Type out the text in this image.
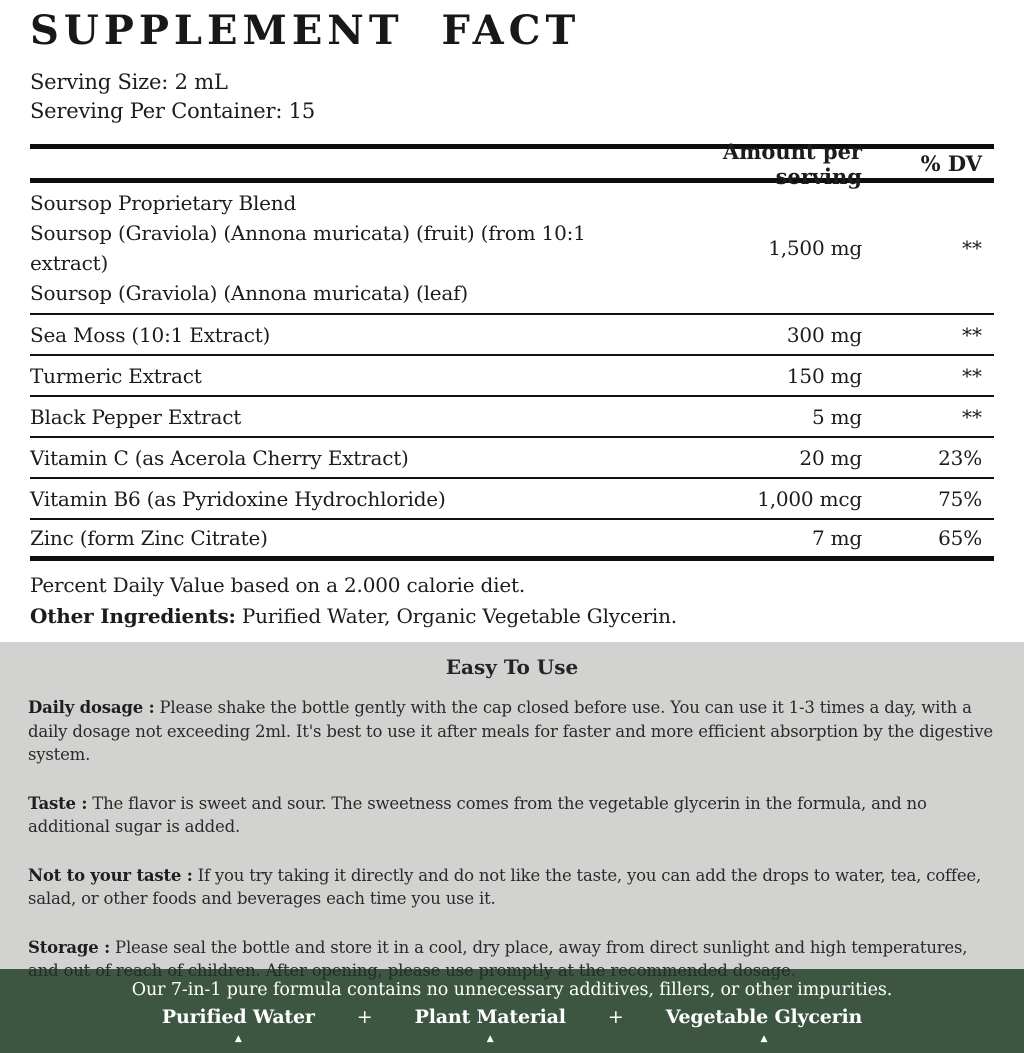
SUPPLEMENT FACT
Serving Size: 2 mL
Sereving Per Container: 15
Amount per serving	% DV
Soursop Proprietary Blend
Soursop (Graviola) (Annona muricata) (fruit) (from 10:1 extract)
Soursop (Graviola) (Annona muricata) (leaf)
1,500 mg	**
Sea Moss (10:1 Extract)	300 mg	**
Turmeric Extract	150 mg	**
Black Pepper Extract	5 mg	**
Vitamin C (as Acerola Cherry Extract)	20 mg	23%
Vitamin B6 (as Pyridoxine Hydrochloride)	1,000 mcg	75%
Zinc (form Zinc Citrate)	7 mg	65%
Percent Daily Value based on a 2.000 calorie diet.
Other Ingredients: Purified Water, Organic Vegetable Glycerin.
Easy To Use

Daily dosage : Please shake the bottle gently with the cap closed before use. You can use it 1-3 times a day, with a daily dosage not exceeding 2ml. It's best to use it after meals for faster and more efficient absorption by the digestive system.

Taste : The flavor is sweet and sour. The sweetness comes from the vegetable glycerin in the formula, and no additional sugar is added.

Not to your taste : If you try taking it directly and do not like the taste, you can add the drops to water, tea, coffee, salad, or other foods and beverages each time you use it.

Storage : Please seal the bottle and store it in a cool, dry place, away from direct sunlight and high temperatures, and out of reach of children. After opening, please use promptly at the recommended dosage.

Our 7-in-1 pure formula contains no unnecessary additives, fillers, or other impurities.
Purified Water
▲
+ Plant Material
▲
+ Vegetable Glycerin
▲
